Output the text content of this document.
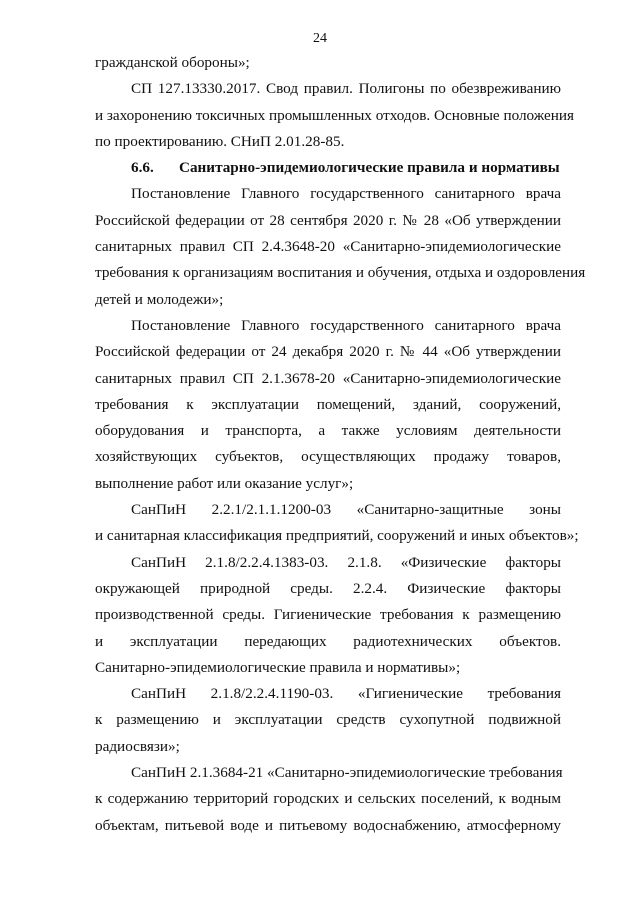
24
гражданской обороны»;
СП 127.13330.2017. Свод правил. Полигоны по обезвреживанию
и захоронению токсичных промышленных отходов. Основные положения
по проектированию. СНиП 2.01.28-85.
6.6. Санитарно-эпидемиологические правила и нормативы
Постановление Главного государственного санитарного врача
Российской федерации от 28 сентября 2020 г. № 28 «Об утверждении
санитарных правил СП 2.4.3648-20 «Санитарно-эпидемиологические
требования к организациям воспитания и обучения, отдыха и оздоровления
детей и молодежи»;
Постановление Главного государственного санитарного врача
Российской федерации от 24 декабря 2020 г. № 44 «Об утверждении
санитарных правил СП 2.1.3678-20 «Санитарно-эпидемиологические
требования к эксплуатации помещений, зданий, сооружений,
оборудования и транспорта, а также условиям деятельности
хозяйствующих субъектов, осуществляющих продажу товаров,
выполнение работ или оказание услуг»;
СанПиН 2.2.1/2.1.1.1200-03 «Санитарно-защитные зоны
и санитарная классификация предприятий, сооружений и иных объектов»;
СанПиН 2.1.8/2.2.4.1383-03. 2.1.8. «Физические факторы
окружающей природной среды. 2.2.4. Физические факторы
производственной среды. Гигиенические требования к размещению
и эксплуатации передающих радиотехнических объектов.
Санитарно-эпидемиологические правила и нормативы»;
СанПиН 2.1.8/2.2.4.1190-03. «Гигиенические требования
к размещению и эксплуатации средств сухопутной подвижной
радиосвязи»;
СанПиН 2.1.3684-21 «Санитарно-эпидемиологические требования
к содержанию территорий городских и сельских поселений, к водным
объектам, питьевой воде и питьевому водоснабжению, атмосферному
